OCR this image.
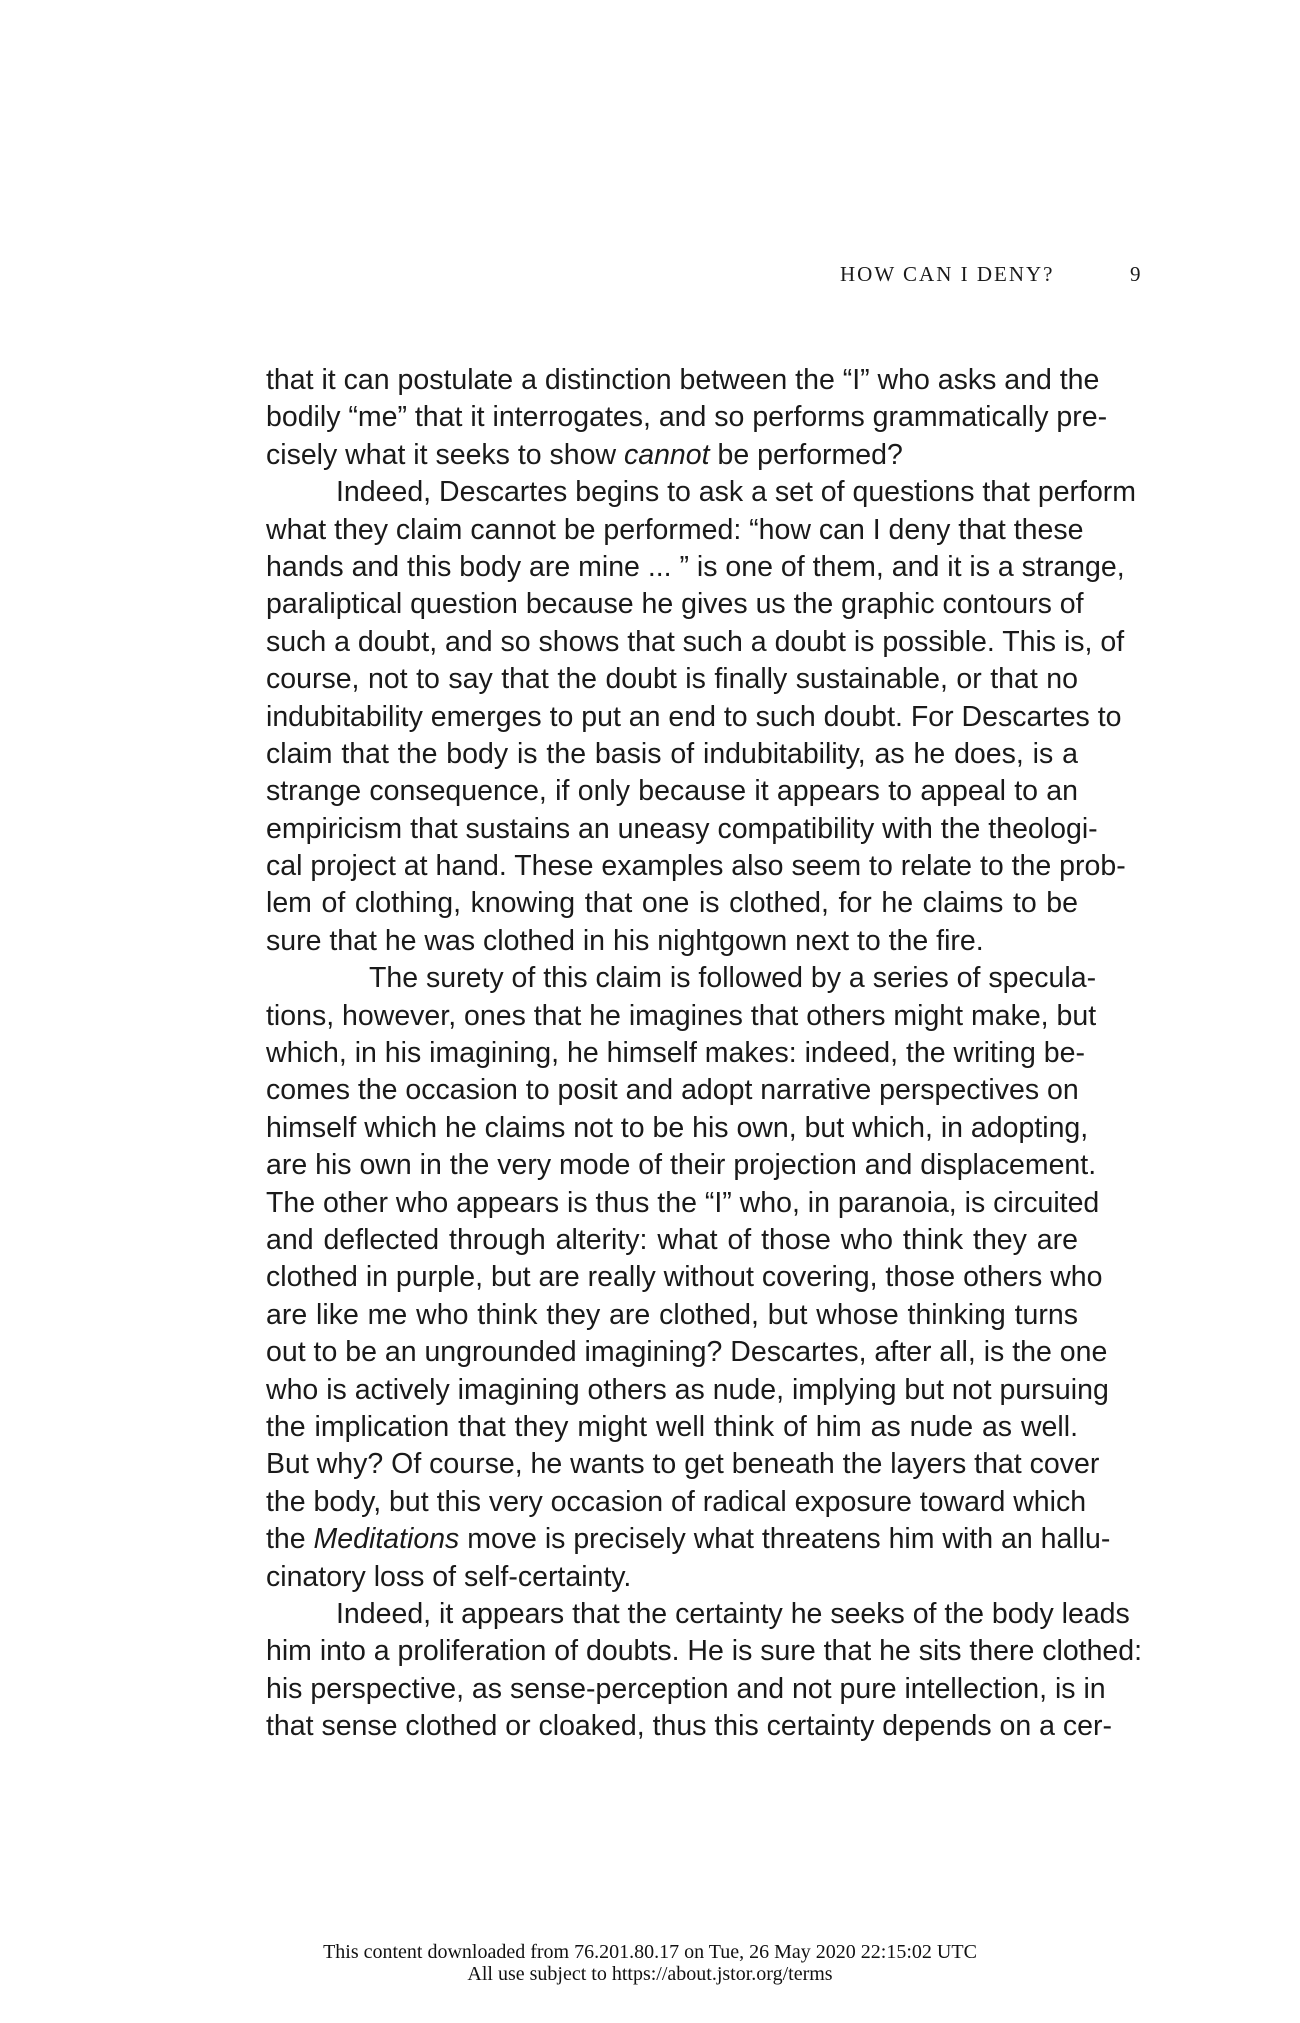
HOW CAN I DENY?	9
that it can postulate a distinction between the “I” who asks and the
bodily “me” that it interrogates, and so performs grammatically pre-
cisely what it seeks to show cannot be performed?
Indeed, Descartes begins to ask a set of questions that perform
what they claim cannot be performed: “how can I deny that these
hands and this body are mine ... ” is one of them, and it is a strange,
paraliptical question because he gives us the graphic contours of
such a doubt, and so shows that such a doubt is possible. This is, of
course, not to say that the doubt is finally sustainable, or that no
indubitability emerges to put an end to such doubt. For Descartes to
claim that the body is the basis of indubitability, as he does, is a
strange consequence, if only because it appears to appeal to an
empiricism that sustains an uneasy compatibility with the theologi-
cal project at hand. These examples also seem to relate to the prob-
lem of clothing, knowing that one is clothed, for he claims to be
sure that he was clothed in his nightgown next to the fire.
The surety of this claim is followed by a series of specula-
tions, however, ones that he imagines that others might make, but
which, in his imagining, he himself makes: indeed, the writing be-
comes the occasion to posit and adopt narrative perspectives on
himself which he claims not to be his own, but which, in adopting,
are his own in the very mode of their projection and displacement.
The other who appears is thus the “I” who, in paranoia, is circuited
and deflected through alterity: what of those who think they are
clothed in purple, but are really without covering, those others who
are like me who think they are clothed, but whose thinking turns
out to be an ungrounded imagining? Descartes, after all, is the one
who is actively imagining others as nude, implying but not pursuing
the implication that they might well think of him as nude as well.
But why? Of course, he wants to get beneath the layers that cover
the body, but this very occasion of radical exposure toward which
the Meditations move is precisely what threatens him with an hallu-
cinatory loss of self-certainty.
Indeed, it appears that the certainty he seeks of the body leads
him into a proliferation of doubts. He is sure that he sits there clothed:
his perspective, as sense-perception and not pure intellection, is in
that sense clothed or cloaked, thus this certainty depends on a cer-
This content downloaded from 76.201.80.17 on Tue, 26 May 2020 22:15:02 UTC
All use subject to https://about.jstor.org/terms
